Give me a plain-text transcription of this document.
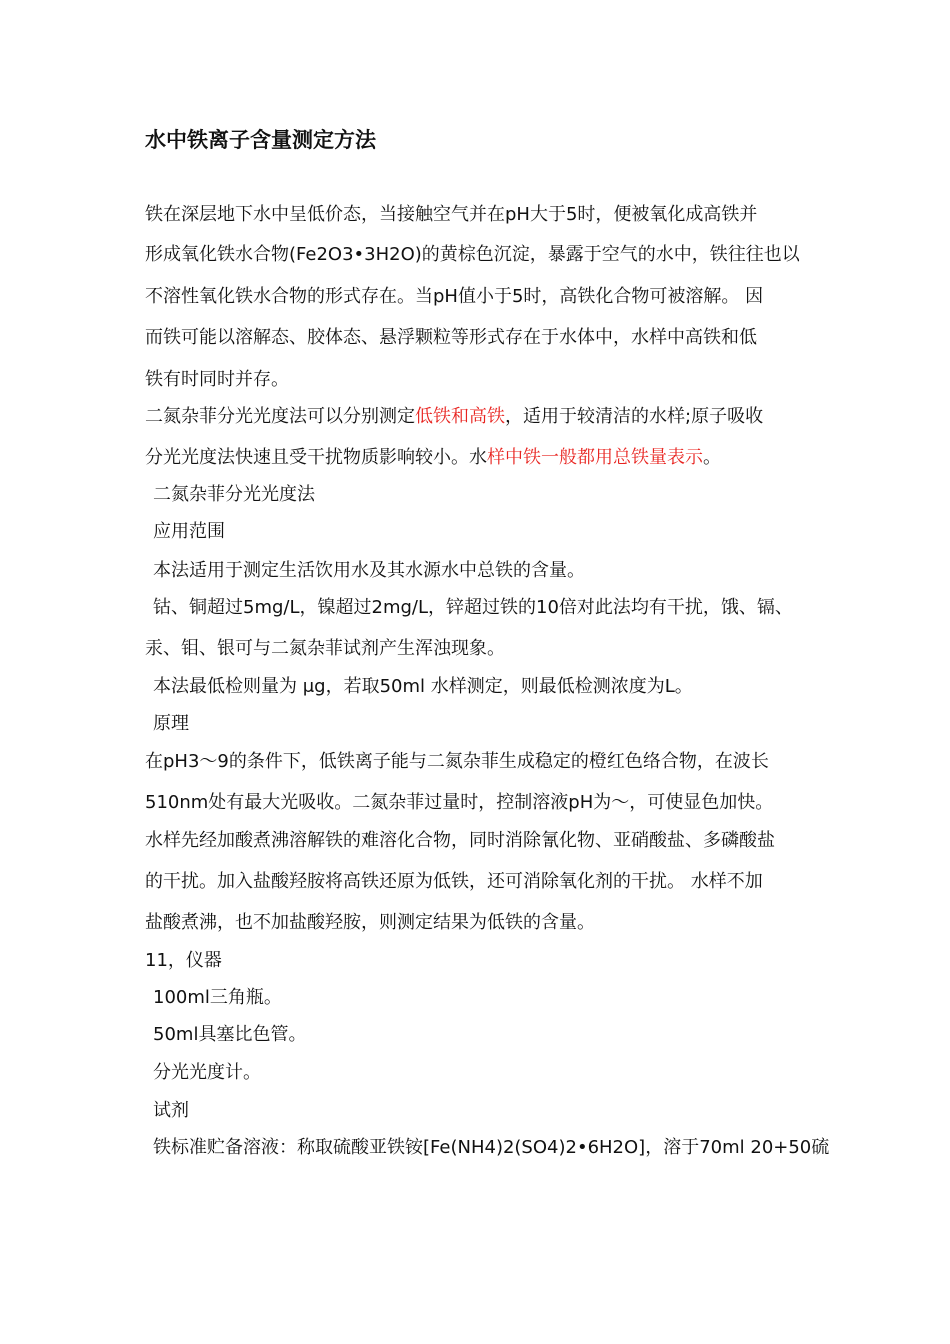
水中铁离子含量测定方法
铁在深层地下水中呈低价态，当接触空气并在pH大于5时，便被氧化成高铁并
形成氧化铁水合物(Fe2O3•3H2O)的黄棕色沉淀，暴露于空气的水中，铁往往也以
不溶性氧化铁水合物的形式存在。当pH值小于5时，高铁化合物可被溶解。 因
而铁可能以溶解态、胶体态、悬浮颗粒等形式存在于水体中，水样中高铁和低
铁有时同时并存。
二氮杂菲分光光度法可以分别测定低铁和高铁，适用于较清洁的水样;原子吸收
分光光度法快速且受干扰物质影响较小。水样中铁一般都用总铁量表示。
二氮杂菲分光光度法
应用范围
本法适用于测定生活饮用水及其水源水中总铁的含量。
钴、铜超过5mg/L，镍超过2mg/L，锌超过铁的10倍对此法均有干扰，饿、镉、
汞、钼、银可与二氮杂菲试剂产生浑浊现象。
本法最低检则量为 μg，若取50ml 水样测定，则最低检测浓度为L。
原理
在pH3～9的条件下，低铁离子能与二氮杂菲生成稳定的橙红色络合物，在波长
510nm处有最大光吸收。二氮杂菲过量时，控制溶液pH为～，可使显色加快。
水样先经加酸煮沸溶解铁的难溶化合物，同时消除氰化物、亚硝酸盐、多磷酸盐
的干扰。加入盐酸羟胺将高铁还原为低铁，还可消除氧化剂的干扰。 水样不加
盐酸煮沸，也不加盐酸羟胺，则测定结果为低铁的含量。
11，仪器
100ml三角瓶。
50ml具塞比色管。
分光光度计。
试剂
铁标准贮备溶液：称取硫酸亚铁铵[Fe(NH4)2(SO4)2•6H2O]，溶于70ml 20+50硫
